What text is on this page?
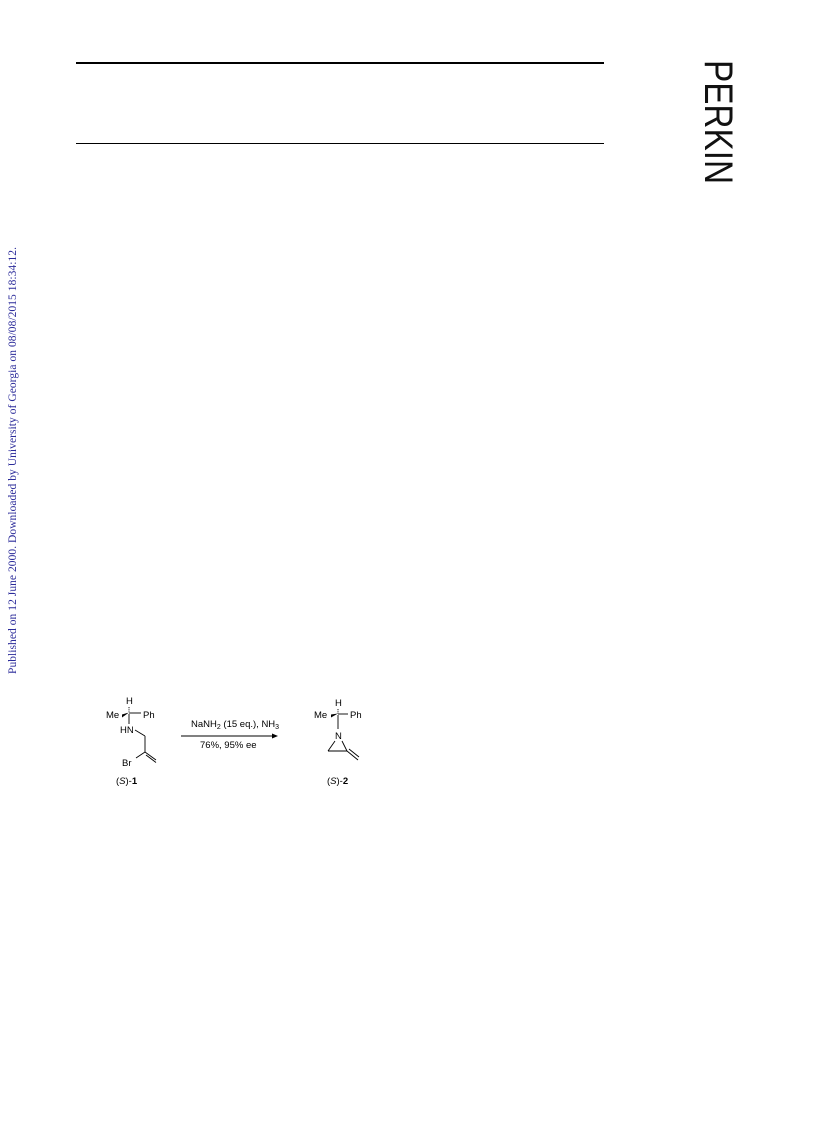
Published on 12 June 2000. Downloaded by University of Georgia on 08/08/2015 18:34:12.
PERKIN
H
Me	Ph
HN
Br
(S)-1
NaNH$_2$ (15 eq.), $NH_3$
76%, 95% ee
H
Me Ph
N
(S)-2
